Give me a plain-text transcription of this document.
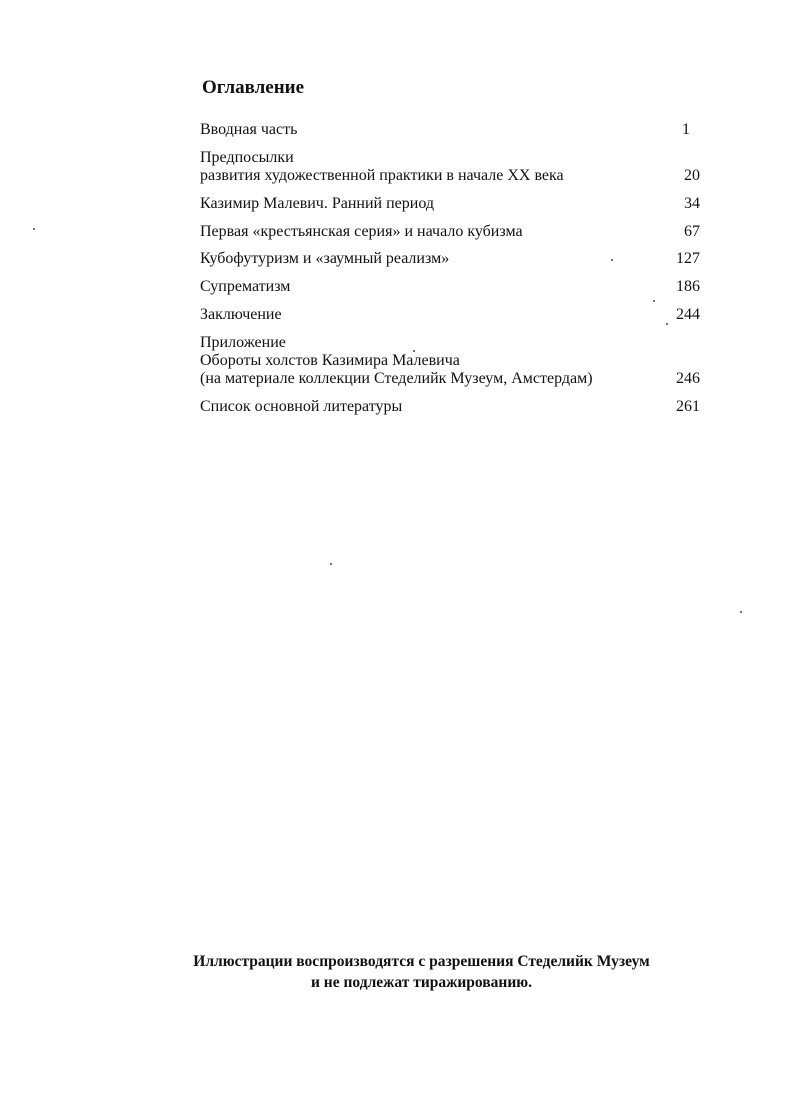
Оглавление
Вводная часть	1
Предпосылки
развития художественной практики в начале XX века	20
Казимир Малевич. Ранний период	34
Первая «крестьянская серия» и начало кубизма	67
Кубофутуризм и «заумный реализм»	127
Супрематизм	186
Заключение	244
Приложение
Обороты холстов Казимира Малевича
(на материале коллекции Стеделийк Музеум, Амстердам)	246
Список основной литературы	261
Иллюстрации воспроизводятся с разрешения Стеделийк Музеум
и не подлежат тиражированию.
